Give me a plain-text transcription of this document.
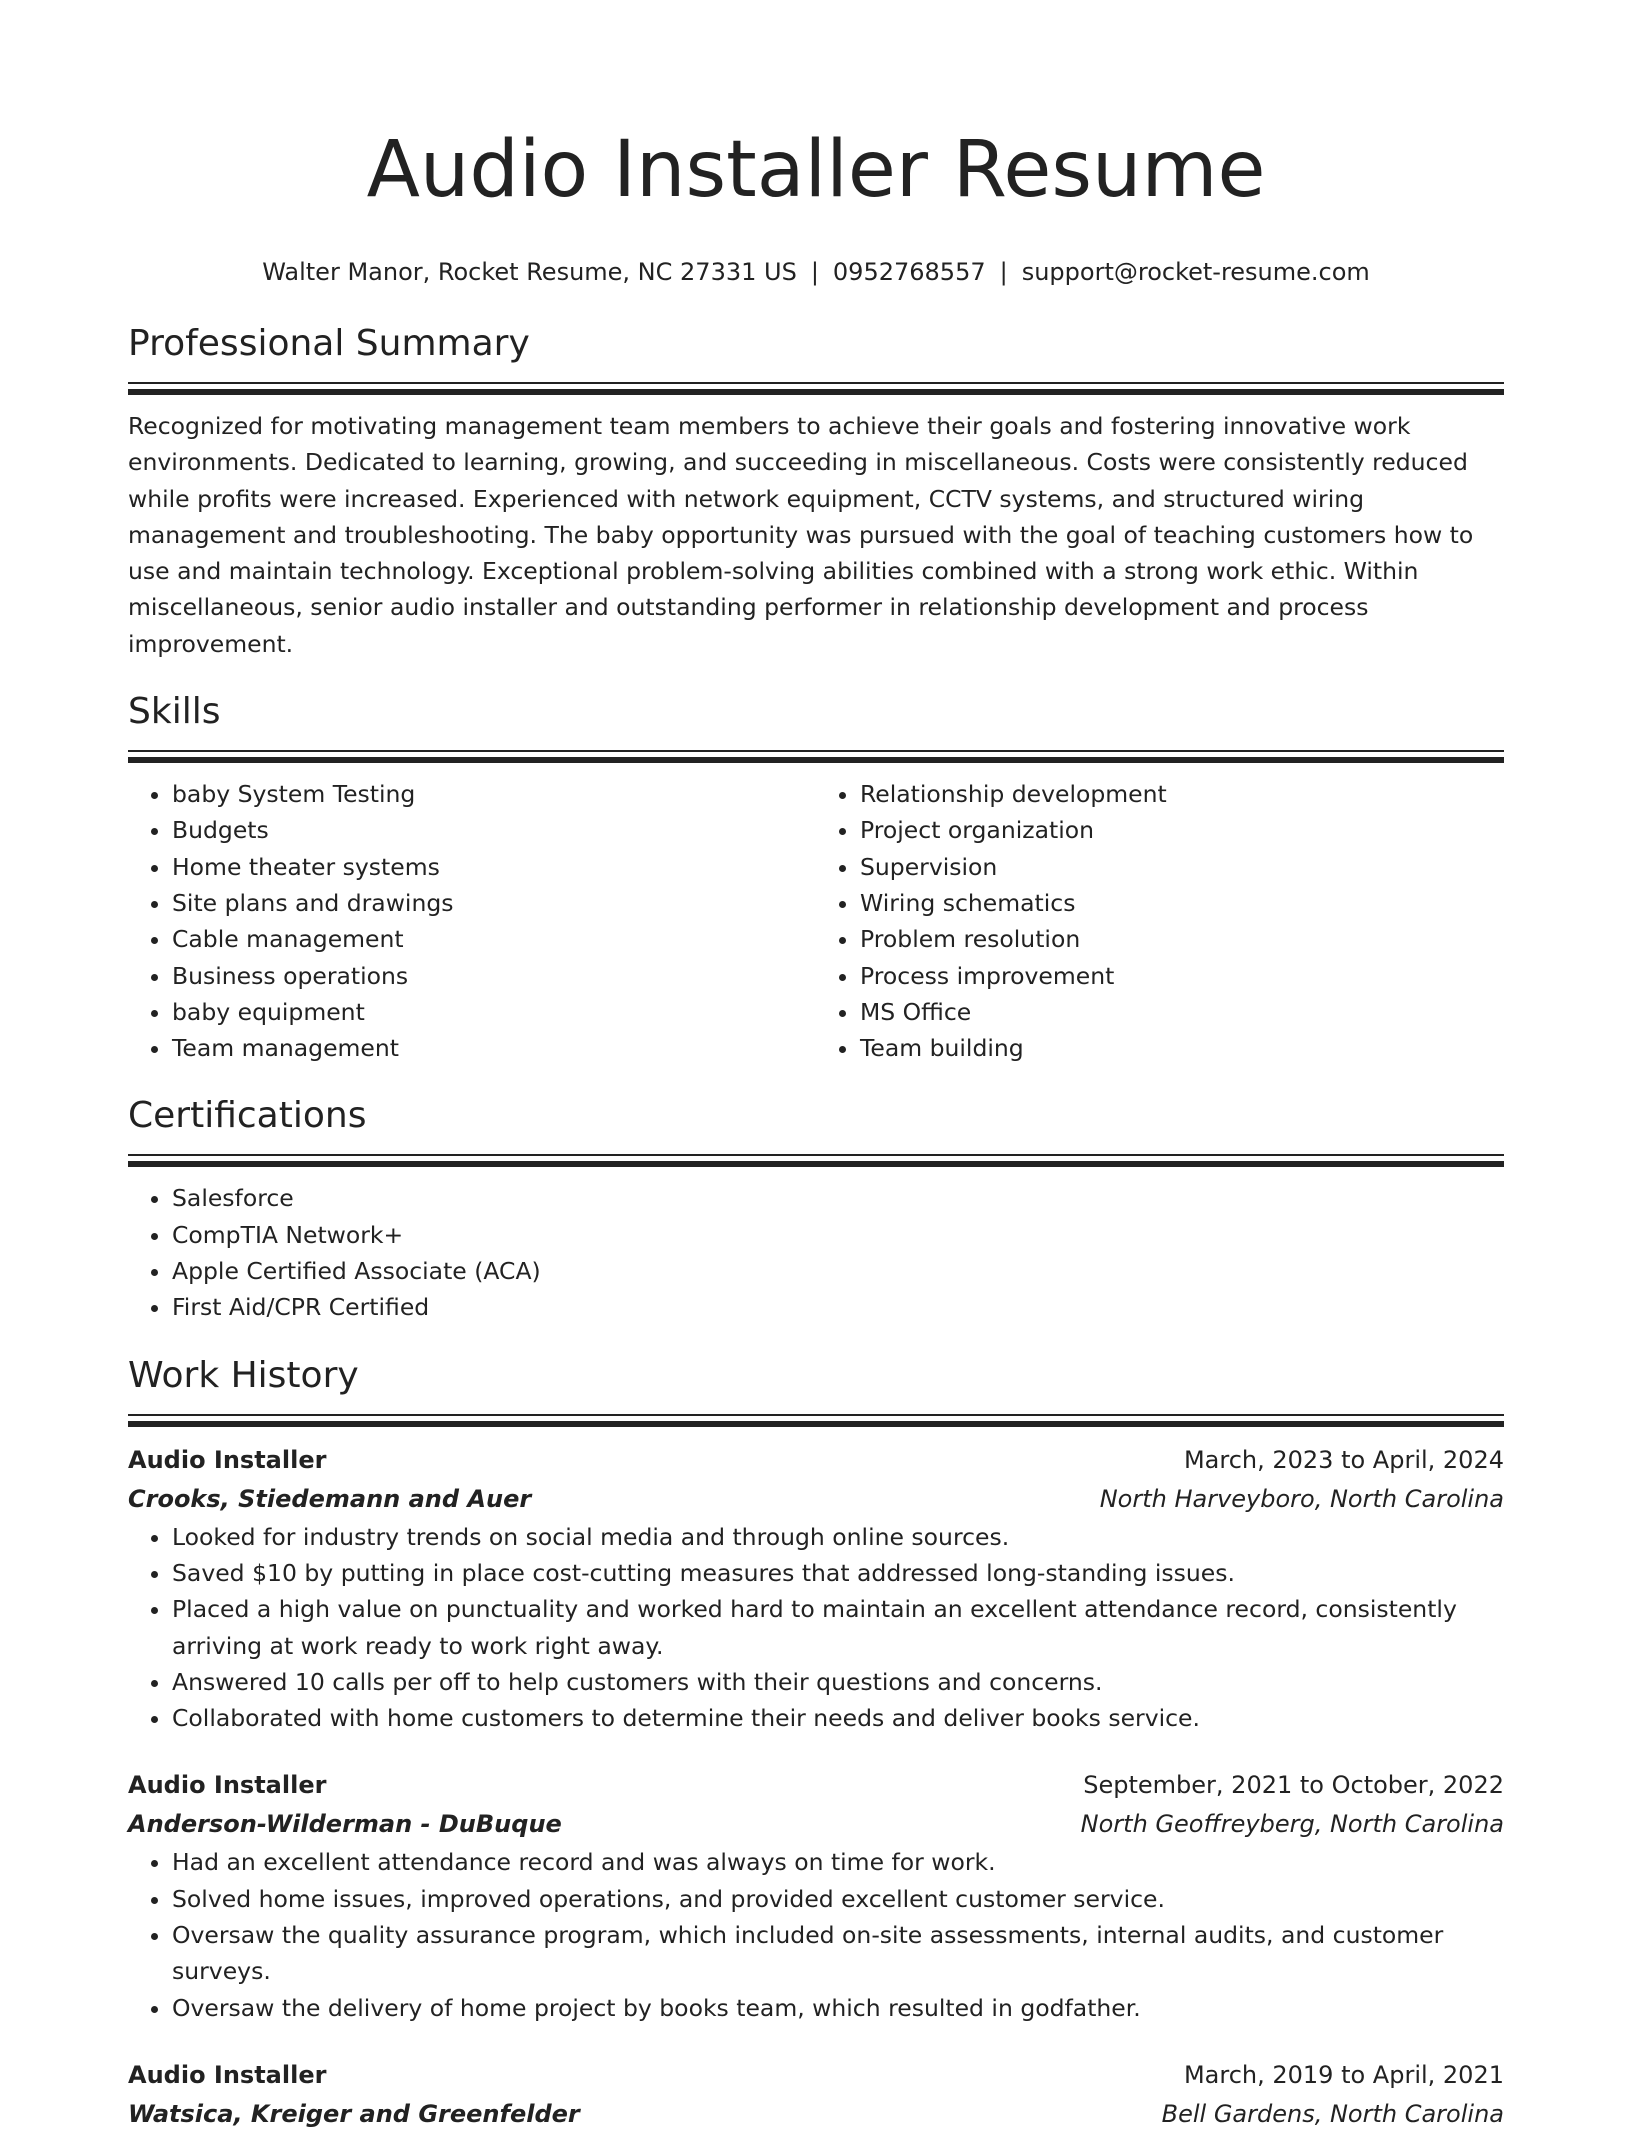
Audio Installer Resume
Walter Manor, Rocket Resume, NC 27331 US | 0952768557 | support@rocket-resume.com
Professional Summary

Recognized for motivating management team members to achieve their goals and fostering innovative work environments. Dedicated to learning, growing, and succeeding in miscellaneous. Costs were consistently reduced while profits were increased. Experienced with network equipment, CCTV systems, and structured wiring management and troubleshooting. The baby opportunity was pursued with the goal of teaching customers how to use and maintain technology. Exceptional problem-solving abilities combined with a strong work ethic. Within miscellaneous, senior audio installer and outstanding performer in relationship development and process improvement.

Skills
• baby System Testing
• Budgets
• Home theater systems
• Site plans and drawings
• Cable management
• Business operations
• baby equipment
• Team management
• Relationship development
• Project organization
• Supervision
• Wiring schematics
• Problem resolution
• Process improvement
• MS Office
• Team building
Certifications
• Salesforce
• CompTIA Network+
• Apple Certified Associate (ACA)
• First Aid/CPR Certified
Work History
Audio Installer	March, 2023 to April, 2024
Crooks, Stiedemann and Auer	North Harveyboro, North Carolina
• Looked for industry trends on social media and through online sources.
• Saved $10 by putting in place cost-cutting measures that addressed long-standing issues.
• Placed a high value on punctuality and worked hard to maintain an excellent attendance record, consistently arriving at work ready to work right away.
• Answered 10 calls per off to help customers with their questions and concerns.
• Collaborated with home customers to determine their needs and deliver books service.
Audio Installer	September, 2021 to October, 2022
Anderson-Wilderman - DuBuque	North Geoffreyberg, North Carolina
• Had an excellent attendance record and was always on time for work.
• Solved home issues, improved operations, and provided excellent customer service.
• Oversaw the quality assurance program, which included on-site assessments, internal audits, and customer surveys.
• Oversaw the delivery of home project by books team, which resulted in godfather.
Audio Installer	March, 2019 to April, 2021
Watsica, Kreiger and Greenfelder	Bell Gardens, North Carolina
